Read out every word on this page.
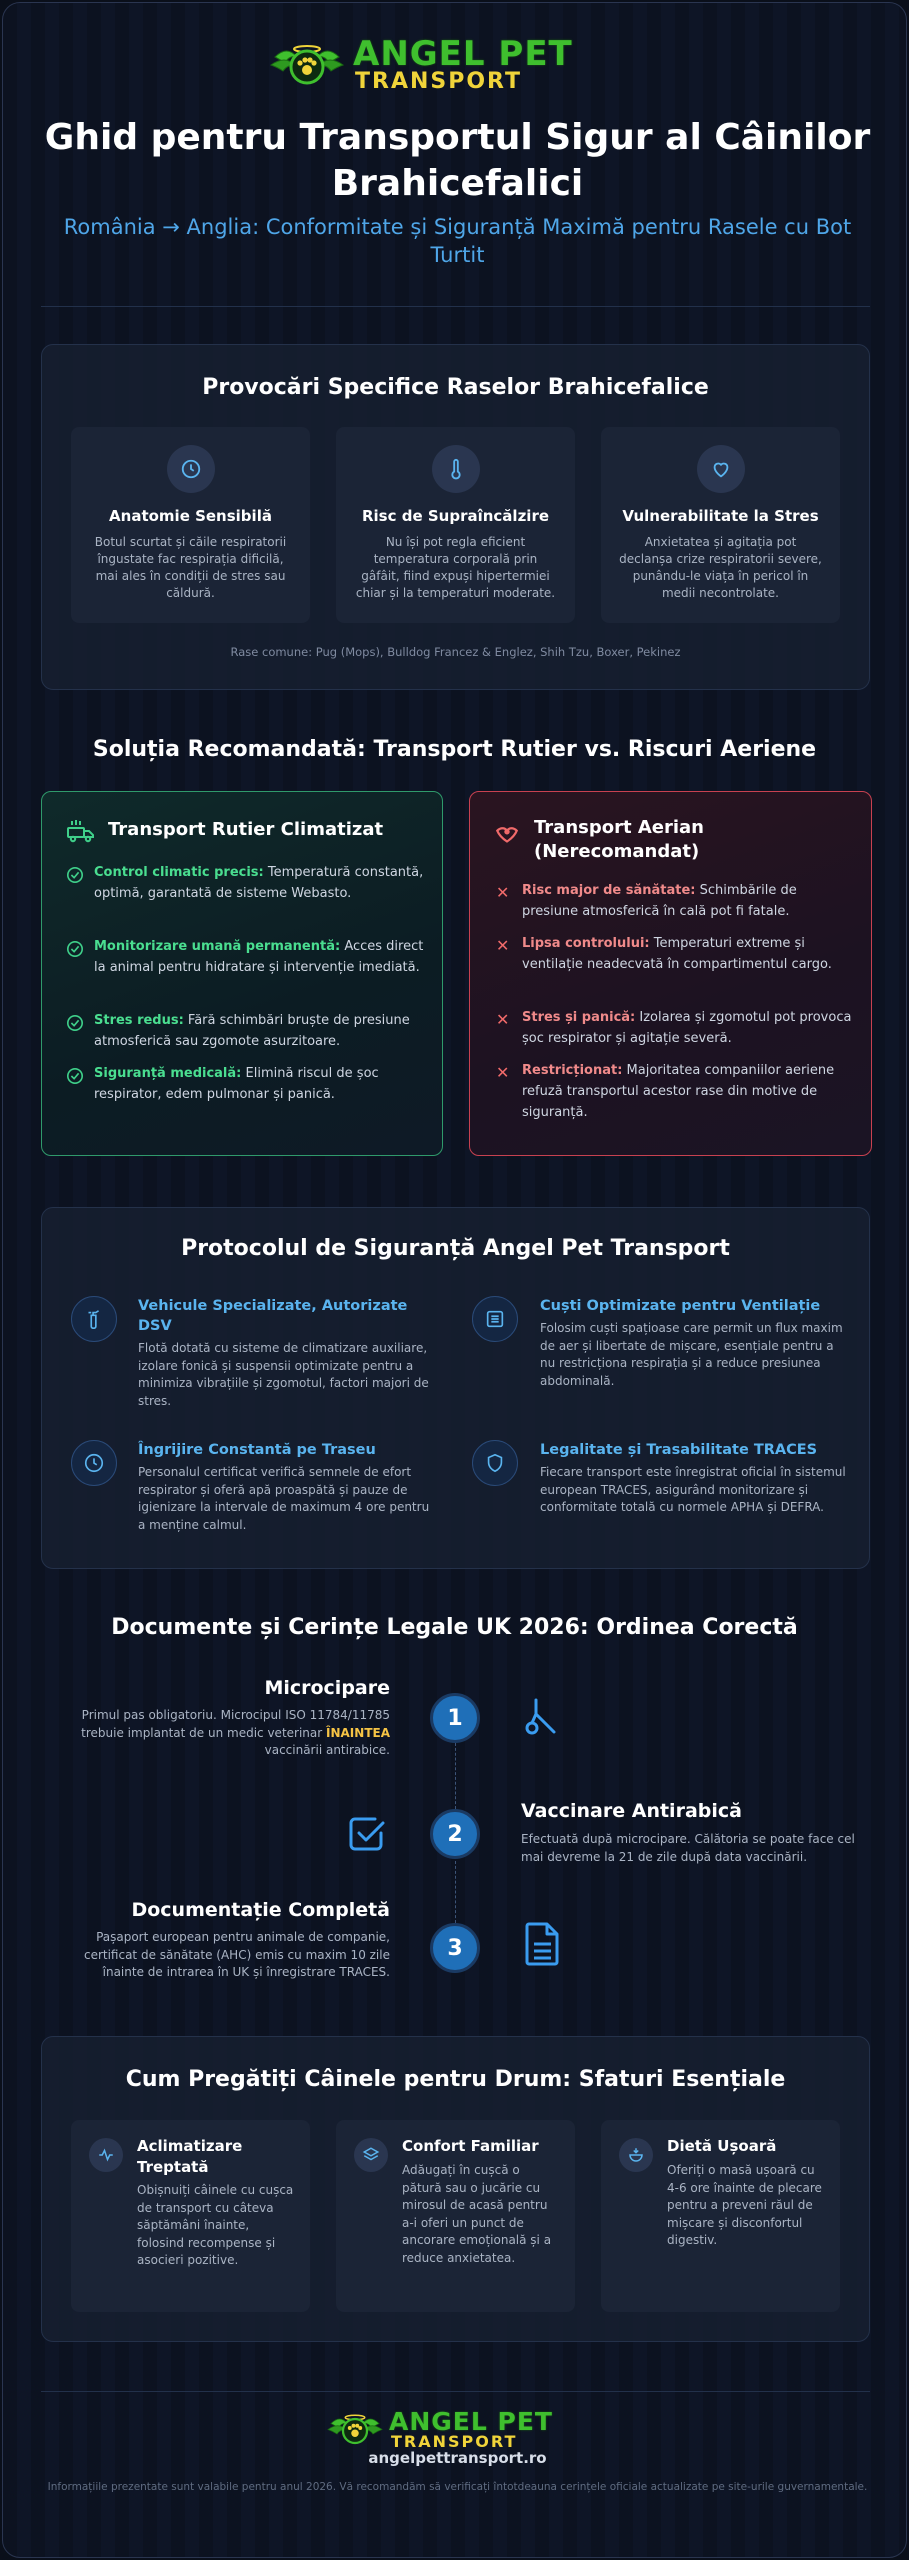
ANGEL PET
TRANSPORT
Ghid pentru Transportul Sigur al Câinilor Brahicefalici
România → Anglia: Conformitate și Siguranță Maximă pentru Rasele cu Bot Turtit
Provocări Specifice Raselor Brahicefalice
Anatomie Sensibilă
Botul scurtat și căile respiratorii îngustate fac respirația dificilă, mai ales în condiții de stres sau căldură.
Risc de Supraîncălzire
Nu își pot regla eficient temperatura corporală prin gâfâit, fiind expuși hipertermiei chiar și la temperaturi moderate.
Vulnerabilitate la Stres
Anxietatea și agitația pot declanșa crize respiratorii severe, punându-le viața în pericol în medii necontrolate.
Rase comune: Pug (Mops), Bulldog Francez & Englez, Shih Tzu, Boxer, Pekinez
Soluția Recomandată: Transport Rutier vs. Riscuri Aeriene
Transport Rutier Climatizat
Control climatic precis: Temperatură constantă, optimă, garantată de sisteme Webasto.
Monitorizare umană permanentă: Acces direct la animal pentru hidratare și intervenție imediată.
Stres redus: Fără schimbări bruște de presiune atmosferică sau zgomote asurzitoare.
Siguranță medicală: Elimină riscul de șoc respirator, edem pulmonar și panică.
Transport Aerian (Nerecomandat)
✕ Risc major de sănătate: Schimbările de presiune atmosferică în cală pot fi fatale.
✕ Lipsa controlului: Temperaturi extreme și ventilație neadecvată în compartimentul cargo.
✕ Stres și panică: Izolarea și zgomotul pot provoca șoc respirator și agitație severă.
✕ Restricționat: Majoritatea companiilor aeriene refuză transportul acestor rase din motive de siguranță.
Protocolul de Siguranță Angel Pet Transport
Vehicule Specializate, Autorizate DSV
Flotă dotată cu sisteme de climatizare auxiliare, izolare fonică și suspensii optimizate pentru a minimiza vibrațiile și zgomotul, factori majori de stres.
Cuști Optimizate pentru Ventilație
Folosim cuști spațioase care permit un flux maxim de aer și libertate de mișcare, esențiale pentru a nu restricționa respirația și a reduce presiunea abdominală.
Îngrijire Constantă pe Traseu
Personalul certificat verifică semnele de efort respirator și oferă apă proaspătă și pauze de igienizare la intervale de maximum 4 ore pentru a menține calmul.
Legalitate și Trasabilitate TRACES
Fiecare transport este înregistrat oficial în sistemul european TRACES, asigurând monitorizare și conformitate totală cu normele APHA și DEFRA.
Documente și Cerințe Legale UK 2026: Ordinea Corectă
Microcipare
Primul pas obligatoriu. Microcipul ISO 11784/11785 trebuie implantat de un medic veterinar ÎNAINTEA vaccinării antirabice.
1
2
Vaccinare Antirabică
Efectuată după microcipare. Călătoria se poate face cel mai devreme la 21 de zile după data vaccinării.
Documentație Completă
Pașaport european pentru animale de companie, certificat de sănătate (AHC) emis cu maxim 10 zile înainte de intrarea în UK și înregistrare TRACES.
3
Cum Pregătiți Câinele pentru Drum: Sfaturi Esențiale
Aclimatizare Treptată
Obișnuiți câinele cu cușca de transport cu câteva săptămâni înainte, folosind recompense și asocieri pozitive.
Confort Familiar
Adăugați în cușcă o pătură sau o jucărie cu mirosul de acasă pentru a-i oferi un punct de ancorare emoțională și a reduce anxietatea.
Dietă Ușoară
Oferiți o masă ușoară cu 4-6 ore înainte de plecare pentru a preveni răul de mișcare și disconfortul digestiv.
ANGEL PET
TRANSPORT
angelpettransport.ro
Informațiile prezentate sunt valabile pentru anul 2026. Vă recomandăm să verificați întotdeauna cerințele oficiale actualizate pe site-urile guvernamentale.
